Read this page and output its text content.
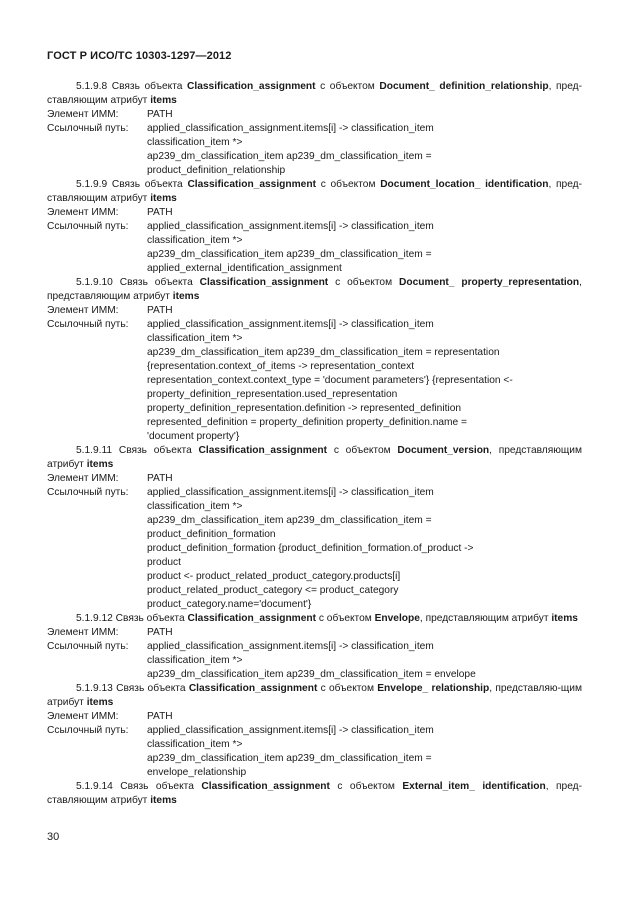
ГОСТ Р ИСО/ТС 10303-1297—2012

5.1.9.8 Связь объекта Classification_assignment с объектом Document_ definition_relationship, пред-ставляющим атрибут items

Элемент ИММ:	PATH
Ссылочный путь:	applied_classification_assignment.items[i] -> classification_item
classification_item *>
ap239_dm_classification_item ap239_dm_classification_item =
product_definition_relationship

5.1.9.9 Связь объекта Classification_assignment с объектом Document_location_ identification, пред-ставляющим атрибут items

Элемент ИММ:	PATH
Ссылочный путь:	applied_classification_assignment.items[i] -> classification_item
classification_item *>
ap239_dm_classification_item ap239_dm_classification_item =
applied_external_identification_assignment

5.1.9.10 Связь объекта Classification_assignment с объектом Document_ property_representation, представляющим атрибут items

Элемент ИММ:	PATH
Ссылочный путь:	applied_classification_assignment.items[i] -> classification_item
classification_item *>
ap239_dm_classification_item ap239_dm_classification_item = representation
{representation.context_of_items -> representation_context
representation_context.context_type = 'document parameters'} {representation <-
property_definition_representation.used_representation
property_definition_representation.definition -> represented_definition
represented_definition = property_definition property_definition.name =
'document property'}

5.1.9.11 Связь объекта Classification_assignment с объектом Document_version, представляющим атрибут items

Элемент ИММ:	PATH
Ссылочный путь:	applied_classification_assignment.items[i] -> classification_item
classification_item *>
ap239_dm_classification_item ap239_dm_classification_item =
product_definition_formation
product_definition_formation {product_definition_formation.of_product ->
product
product <- product_related_product_category.products[i]
product_related_product_category <= product_category
product_category.name='document'}

5.1.9.12 Связь объекта Classification_assignment с объектом Envelope, представляющим атрибут items

Элемент ИММ:	PATH
Ссылочный путь:	applied_classification_assignment.items[i] -> classification_item
classification_item *>
ap239_dm_classification_item ap239_dm_classification_item = envelope

5.1.9.13 Связь объекта Classification_assignment с объектом Envelope_ relationship, представляю-щим атрибут items

Элемент ИММ:	PATH
Ссылочный путь:	applied_classification_assignment.items[i] -> classification_item
classification_item *>
ap239_dm_classification_item ap239_dm_classification_item =
envelope_relationship

5.1.9.14 Связь объекта Classification_assignment с объектом External_item_ identification, пред-ставляющим атрибут items

30
